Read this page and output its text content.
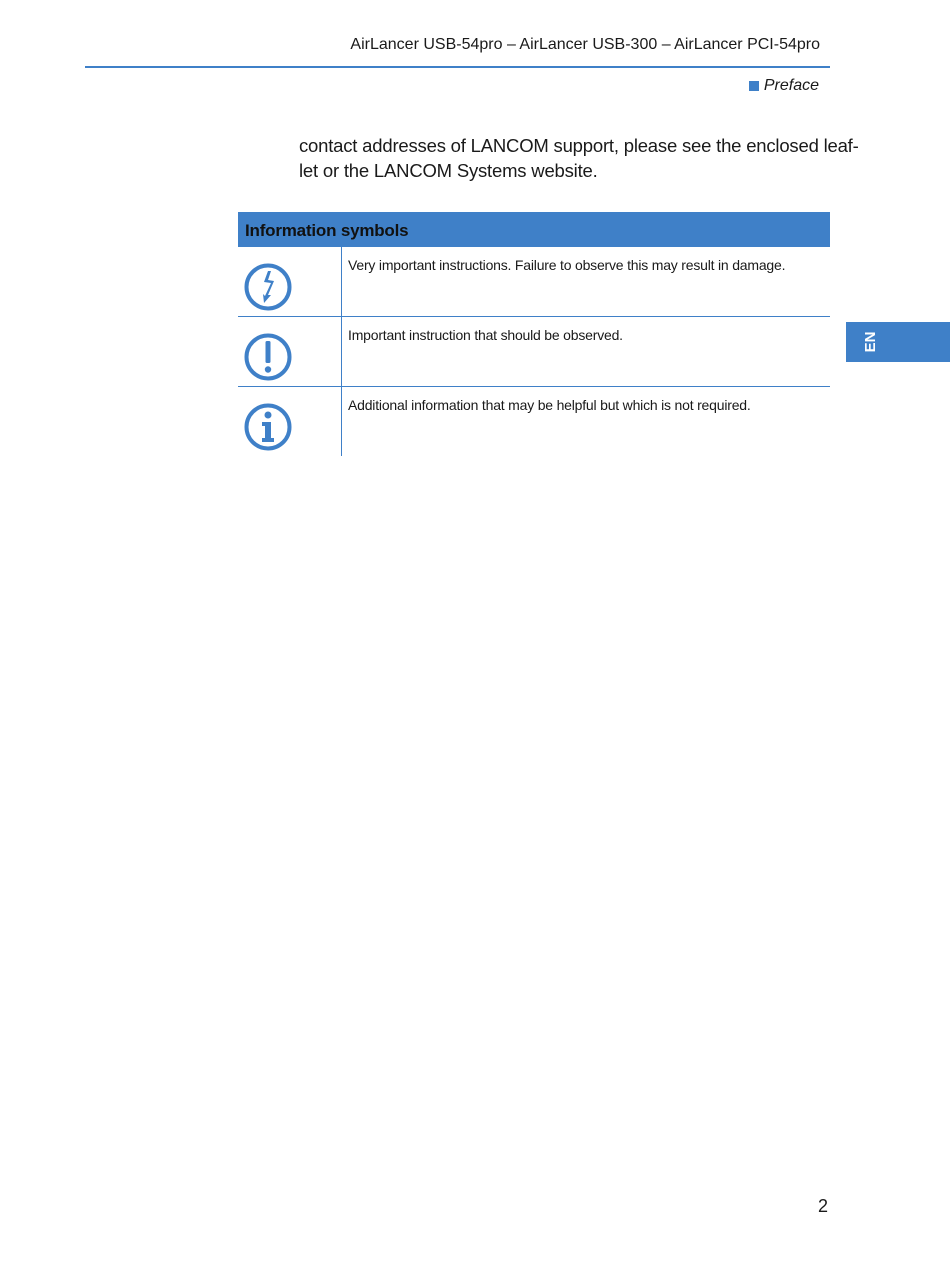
AirLancer USB-54pro – AirLancer USB-300 – AirLancer PCI-54pro
Preface
contact addresses of LANCOM support, please see the enclosed leaf-
let or the LANCOM Systems website.
Information symbols
Very important instructions. Failure to observe this may result in damage.
Important instruction that should be observed.
Additional information that may be helpful but which is not required.
EN
2
